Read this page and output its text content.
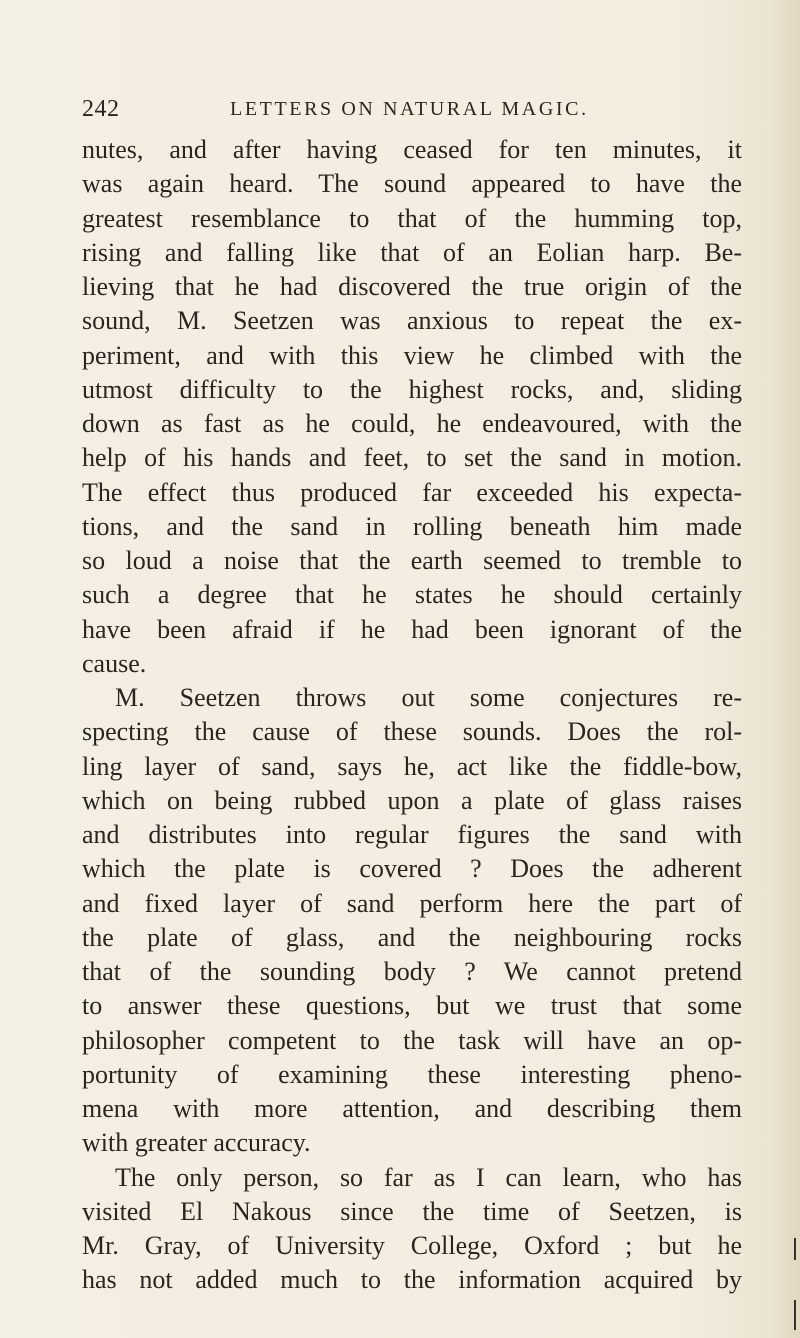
242	LETTERS ON NATURAL MAGIC.
nutes, and after having ceased for ten minutes, it
was again heard. The sound appeared to have the
greatest resemblance to that of the humming top,
rising and falling like that of an Eolian harp. Be-
lieving that he had discovered the true origin of the
sound, M. Seetzen was anxious to repeat the ex-
periment, and with this view he climbed with the
utmost difficulty to the highest rocks, and, sliding
down as fast as he could, he endeavoured, with the
help of his hands and feet, to set the sand in motion.
The effect thus produced far exceeded his expecta-
tions, and the sand in rolling beneath him made
so loud a noise that the earth seemed to tremble to
such a degree that he states he should certainly
have been afraid if he had been ignorant of the
cause.
M. Seetzen throws out some conjectures re-
specting the cause of these sounds. Does the rol-
ling layer of sand, says he, act like the fiddle-bow,
which on being rubbed upon a plate of glass raises
and distributes into regular figures the sand with
which the plate is covered ? Does the adherent
and fixed layer of sand perform here the part of
the plate of glass, and the neighbouring rocks
that of the sounding body ? We cannot pretend
to answer these questions, but we trust that some
philosopher competent to the task will have an op-
portunity of examining these interesting pheno-
mena with more attention, and describing them
with greater accuracy.
The only person, so far as I can learn, who has
visited El Nakous since the time of Seetzen, is
Mr. Gray, of University College, Oxford ; but he
has not added much to the information acquired by
